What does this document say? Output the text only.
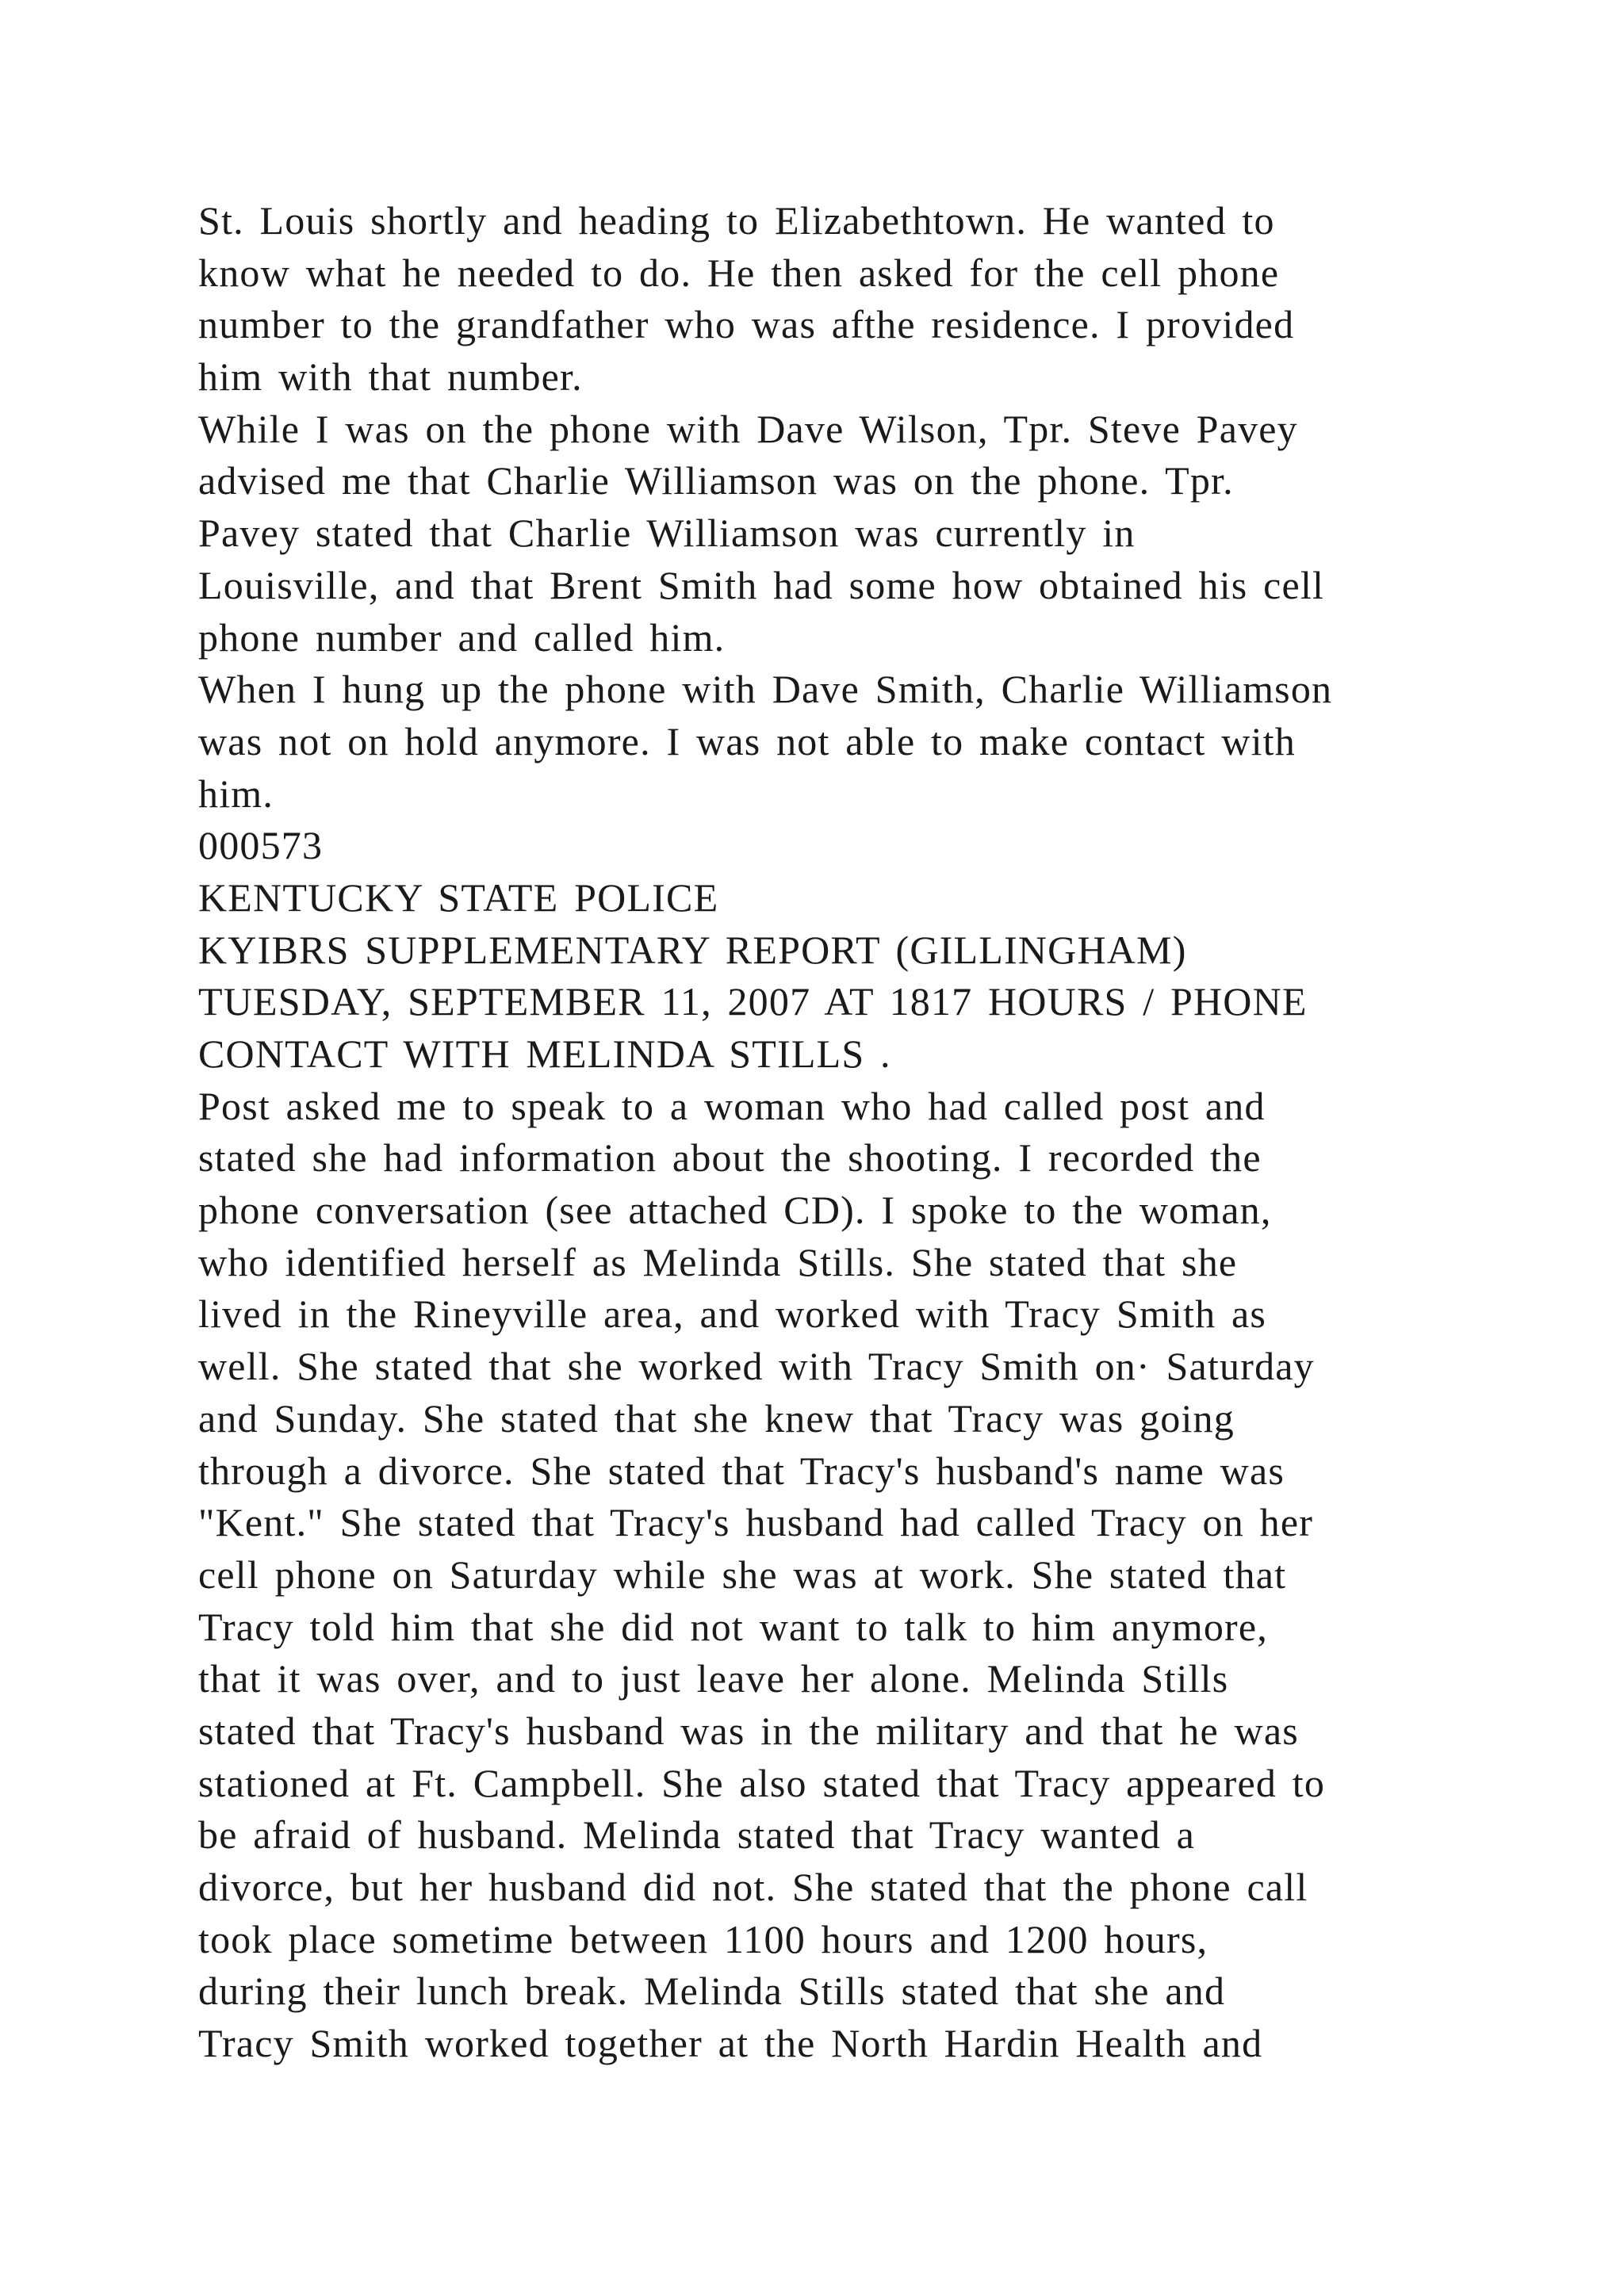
St. Louis shortly and heading to Elizabethtown. He wanted to
know what he needed to do. He then asked for the cell phone
number to the grandfather who was afthe residence. I provided
him with that number.
While I was on the phone with Dave Wilson, Tpr. Steve Pavey
advised me that Charlie Williamson was on the phone. Tpr.
Pavey stated that Charlie Williamson was currently in
Louisville, and that Brent Smith had some how obtained his cell
phone number and called him.
When I hung up the phone with Dave Smith, Charlie Williamson
was not on hold anymore. I was not able to make contact with
him.
000573
KENTUCKY STATE POLICE
KYIBRS SUPPLEMENTARY REPORT (GILLINGHAM)
TUESDAY, SEPTEMBER 11, 2007 AT 1817 HOURS / PHONE
CONTACT WITH MELINDA STILLS .
Post asked me to speak to a woman who had called post and
stated she had information about the shooting. I recorded the
phone conversation (see attached CD). I spoke to the woman,
who identified herself as Melinda Stills. She stated that she
lived in the Rineyville area, and worked with Tracy Smith as
well. She stated that she worked with Tracy Smith on· Saturday
and Sunday. She stated that she knew that Tracy was going
through a divorce. She stated that Tracy's husband's name was
"Kent." She stated that Tracy's husband had called Tracy on her
cell phone on Saturday while she was at work. She stated that
Tracy told him that she did not want to talk to him anymore,
that it was over, and to just leave her alone. Melinda Stills
stated that Tracy's husband was in the military and that he was
stationed at Ft. Campbell. She also stated that Tracy appeared to
be afraid of husband. Melinda stated that Tracy wanted a
divorce, but her husband did not. She stated that the phone call
took place sometime between 1100 hours and 1200 hours,
during their lunch break. Melinda Stills stated that she and
Tracy Smith worked together at the North Hardin Health and
